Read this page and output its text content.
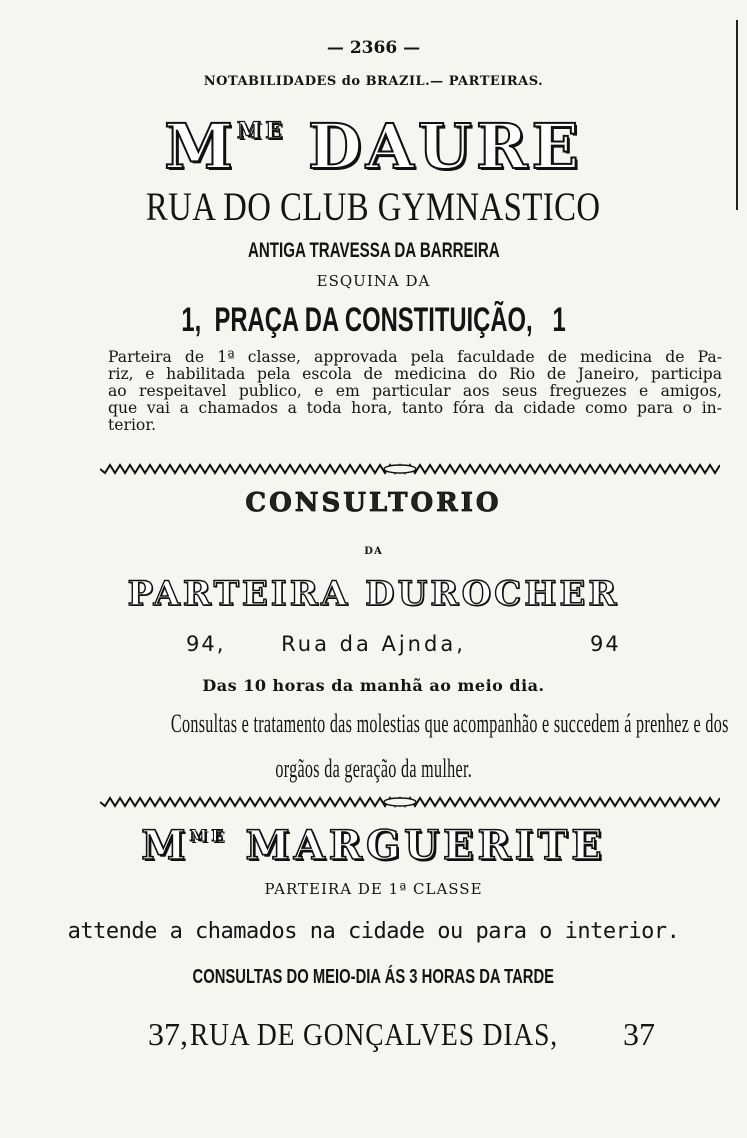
— 2366 —
NOTABILIDADES do BRAZIL.— PARTEIRAS.
MME DAURE
RUA DO CLUB GYMNASTICO
ANTIGA TRAVESSA DA BARREIRA
ESQUINA DA
1, PRAÇA DA CONSTITUIÇÃO, 1
Parteira de 1ª classe, approvada pela faculdade de medicina de Pa-
riz, e habilitada pela escola de medicina do Rio de Janeiro, participa
ao respeitavel publico, e em particular aos seus freguezes e amigos,
que vai a chamados a toda hora, tanto fóra da cidade como para o in-
terior.
CONSULTORIO
DA
PARTEIRA DUROCHER
94,	Rua da Ajnda,	94
Das 10 horas da manhã ao meio dia.
Consultas e tratamento das molestias que acompanhão e succedem á prenhez e dos
orgãos da geração da mulher.
MME MARGUERITE
PARTEIRA DE 1ª CLASSE
attende a chamados na cidade ou para o interior.
CONSULTAS DO MEIO-DIA ÁS 3 HORAS DA TARDE
37, RUA DE GONÇALVES DIAS,	37
